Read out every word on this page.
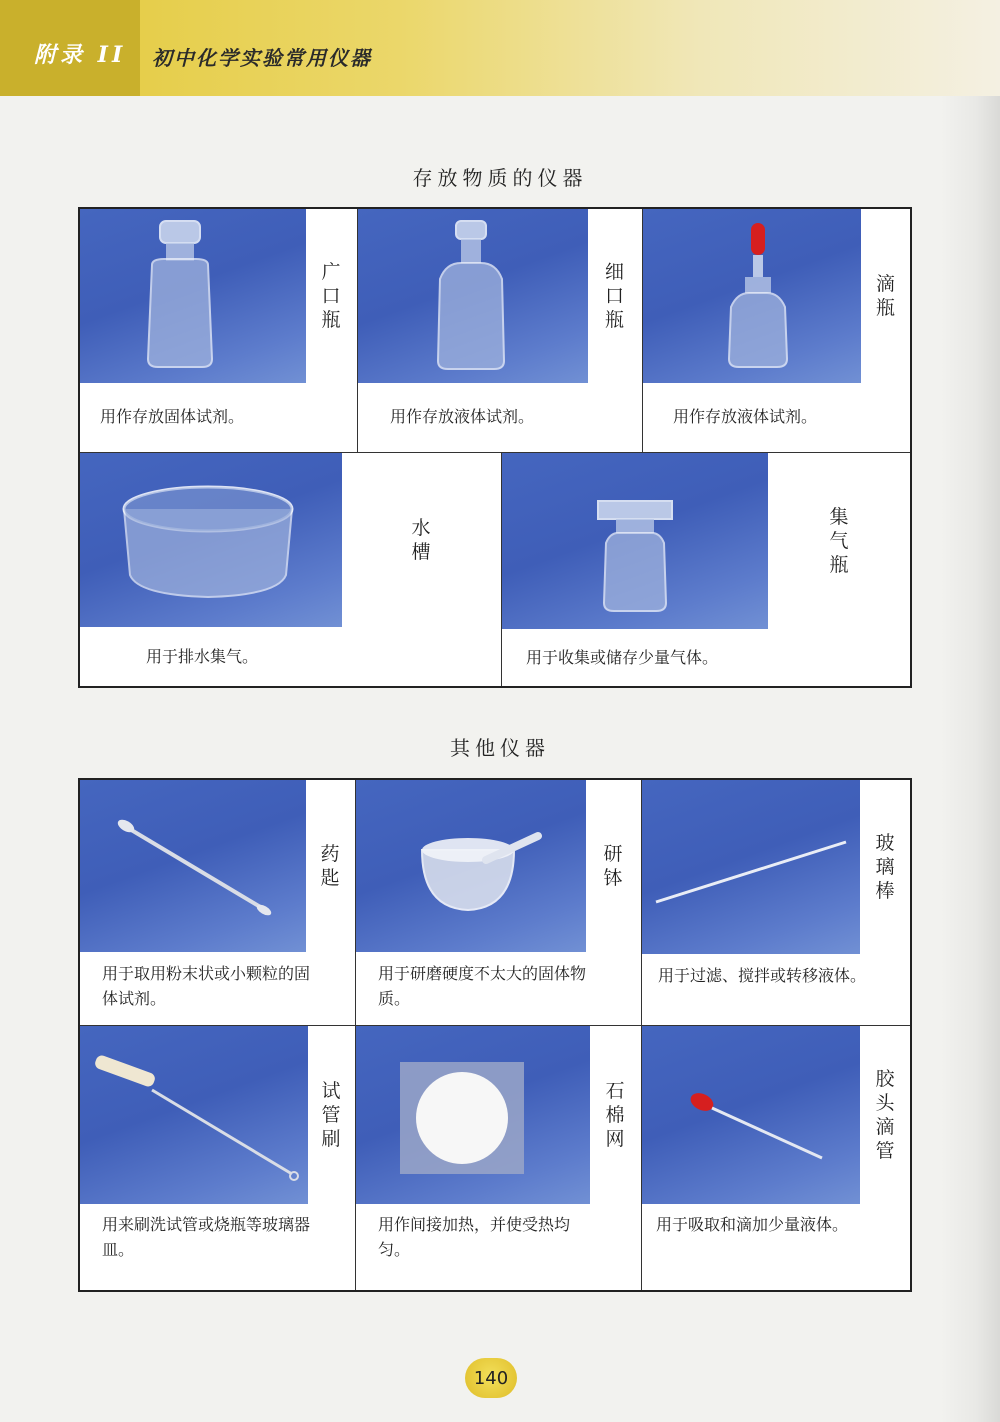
附录 II 初中化学实验常用仪器
存放物质的仪器
广
口
瓶
用作存放固体试剂。
细
口
瓶
用作存放液体试剂。
滴
瓶
用作存放液体试剂。
水
槽
用于排水集气。
集
气
瓶
用于收集或储存少量气体。
其他仪器
药
匙
用于取用粉末状或小颗粒的固体试剂。
研
钵
用于研磨硬度不太大的固体物质。
玻
璃
棒
用于过滤、搅拌或转移液体。
试
管
刷
用来刷洗试管或烧瓶等玻璃器皿。
石
棉
网
用作间接加热，并使受热均匀。
胶
头
滴
管
用于吸取和滴加少量液体。
140
